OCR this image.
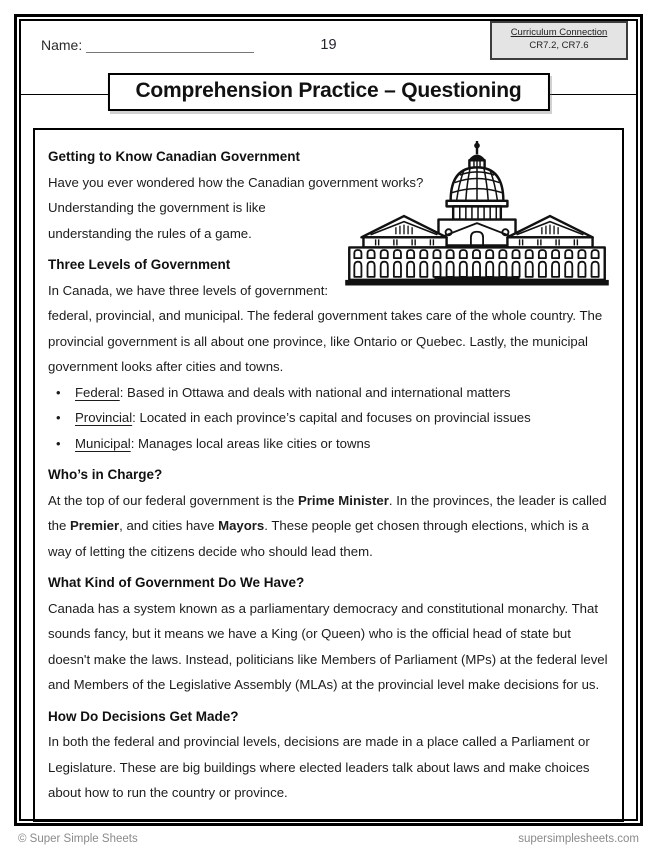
Name:	19
Curriculum Connection
CR7.2, CR7.6
Comprehension Practice – Questioning
Getting to Know Canadian Government

Have you ever wondered how the Canadian government works? Understanding the government is like understanding the rules of a game.

Three Levels of Government

In Canada, we have three levels of government: federal, provincial, and municipal. The federal government takes care of the whole country. The provincial government is all about one province, like Ontario or Quebec. Lastly, the municipal government looks after cities and towns.

• Federal: Based in Ottawa and deals with national and international matters
• Provincial: Located in each province’s capital and focuses on provincial issues
• Municipal: Manages local areas like cities or towns
Who’s in Charge?

At the top of our federal government is the Prime Minister. In the provinces, the leader is called the Premier, and cities have Mayors. These people get chosen through elections, which is a way of letting the citizens decide who should lead them.

What Kind of Government Do We Have?

Canada has a system known as a parliamentary democracy and constitutional monarchy. That sounds fancy, but it means we have a King (or Queen) who is the official head of state but doesn't make the laws. Instead, politicians like Members of Parliament (MPs) at the federal level and Members of the Legislative Assembly (MLAs) at the provincial level make decisions for us.

How Do Decisions Get Made?

In both the federal and provincial levels, decisions are made in a place called a Parliament or Legislature. These are big buildings where elected leaders talk about laws and make choices about how to run the country or province.

© Super Simple Sheets	supersimplesheets.com
